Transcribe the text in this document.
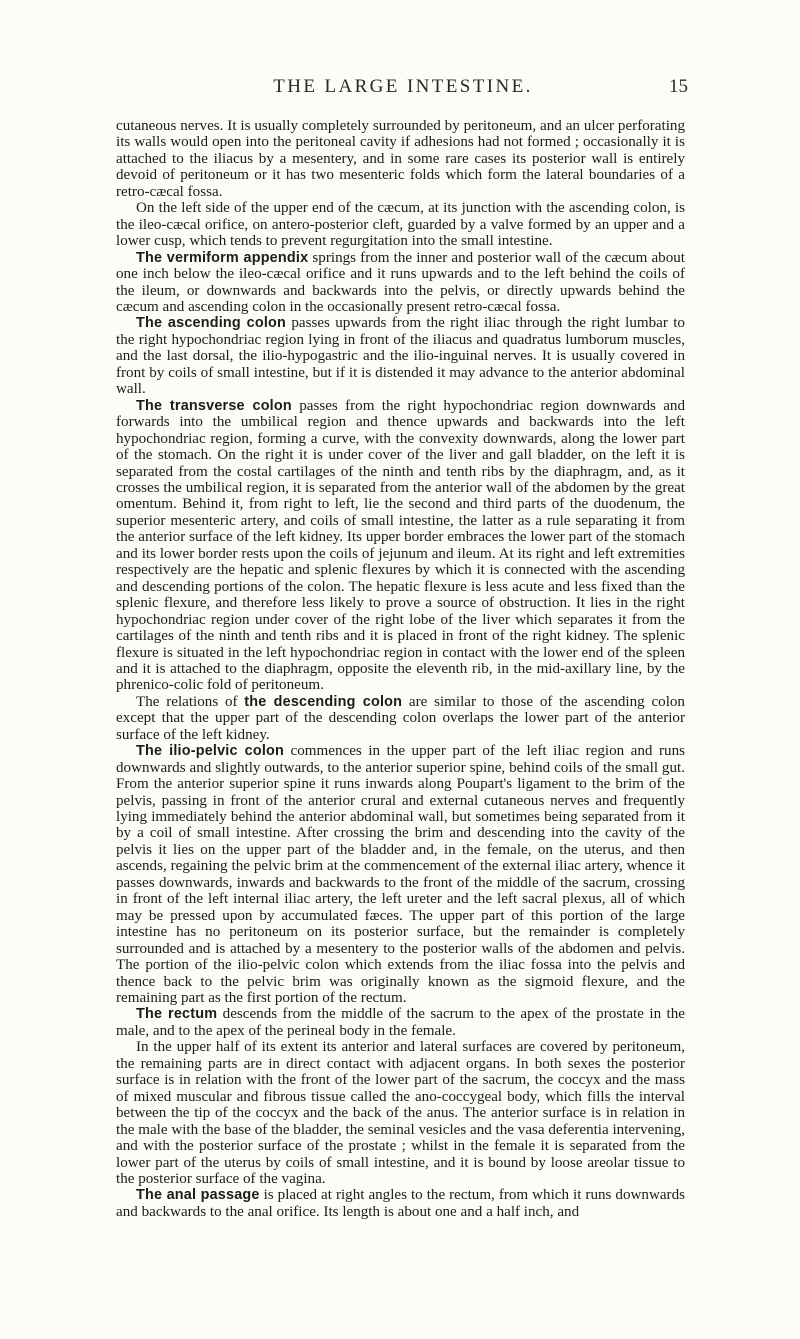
THE LARGE INTESTINE.	15

cutaneous nerves. It is usually completely surrounded by peritoneum, and an ulcer perforating its walls would open into the peritoneal cavity if adhesions had not formed ; occasionally it is attached to the iliacus by a mesentery, and in some rare cases its posterior wall is entirely devoid of peritoneum or it has two mesenteric folds which form the lateral boundaries of a retro-cæcal fossa.

On the left side of the upper end of the cæcum, at its junction with the ascending colon, is the ileo-cæcal orifice, on antero-posterior cleft, guarded by a valve formed by an upper and a lower cusp, which tends to prevent regurgitation into the small intestine.

The vermiform appendix springs from the inner and posterior wall of the cæcum about one inch below the ileo-cæcal orifice and it runs upwards and to the left behind the coils of the ileum, or downwards and backwards into the pelvis, or directly upwards behind the cæcum and ascending colon in the occasionally present retro-cæcal fossa.

The ascending colon passes upwards from the right iliac through the right lumbar to the right hypochondriac region lying in front of the iliacus and quadratus lumborum muscles, and the last dorsal, the ilio-hypogastric and the ilio-inguinal nerves. It is usually covered in front by coils of small intestine, but if it is distended it may advance to the anterior abdominal wall.

The transverse colon passes from the right hypochondriac region downwards and forwards into the umbilical region and thence upwards and backwards into the left hypochondriac region, forming a curve, with the convexity downwards, along the lower part of the stomach. On the right it is under cover of the liver and gall bladder, on the left it is separated from the costal cartilages of the ninth and tenth ribs by the diaphragm, and, as it crosses the umbilical region, it is separated from the anterior wall of the abdomen by the great omentum. Behind it, from right to left, lie the second and third parts of the duodenum, the superior mesenteric artery, and coils of small intestine, the latter as a rule separating it from the anterior surface of the left kidney. Its upper border embraces the lower part of the stomach and its lower border rests upon the coils of jejunum and ileum. At its right and left extremities respectively are the hepatic and splenic flexures by which it is connected with the ascending and descending portions of the colon. The hepatic flexure is less acute and less fixed than the splenic flexure, and therefore less likely to prove a source of obstruction. It lies in the right hypochondriac region under cover of the right lobe of the liver which separates it from the cartilages of the ninth and tenth ribs and it is placed in front of the right kidney. The splenic flexure is situated in the left hypochondriac region in contact with the lower end of the spleen and it is attached to the diaphragm, opposite the eleventh rib, in the mid-axillary line, by the phrenico-colic fold of peritoneum.

The relations of the descending colon are similar to those of the ascending colon except that the upper part of the descending colon overlaps the lower part of the anterior surface of the left kidney.

The ilio-pelvic colon commences in the upper part of the left iliac region and runs downwards and slightly outwards, to the anterior superior spine, behind coils of the small gut. From the anterior superior spine it runs inwards along Poupart's ligament to the brim of the pelvis, passing in front of the anterior crural and external cutaneous nerves and frequently lying immediately behind the anterior abdominal wall, but sometimes being separated from it by a coil of small intestine. After crossing the brim and descending into the cavity of the pelvis it lies on the upper part of the bladder and, in the female, on the uterus, and then ascends, regaining the pelvic brim at the commencement of the external iliac artery, whence it passes downwards, inwards and backwards to the front of the middle of the sacrum, crossing in front of the left internal iliac artery, the left ureter and the left sacral plexus, all of which may be pressed upon by accumulated fæces. The upper part of this portion of the large intestine has no peritoneum on its posterior surface, but the remainder is completely surrounded and is attached by a mesentery to the posterior walls of the abdomen and pelvis. The portion of the ilio-pelvic colon which extends from the iliac fossa into the pelvis and thence back to the pelvic brim was originally known as the sigmoid flexure, and the remaining part as the first portion of the rectum.

The rectum descends from the middle of the sacrum to the apex of the prostate in the male, and to the apex of the perineal body in the female.

In the upper half of its extent its anterior and lateral surfaces are covered by peritoneum, the remaining parts are in direct contact with adjacent organs. In both sexes the posterior surface is in relation with the front of the lower part of the sacrum, the coccyx and the mass of mixed muscular and fibrous tissue called the ano-coccygeal body, which fills the interval between the tip of the coccyx and the back of the anus. The anterior surface is in relation in the male with the base of the bladder, the seminal vesicles and the vasa deferentia intervening, and with the posterior surface of the prostate ; whilst in the female it is separated from the lower part of the uterus by coils of small intestine, and it is bound by loose areolar tissue to the posterior surface of the vagina.

The anal passage is placed at right angles to the rectum, from which it runs downwards and backwards to the anal orifice. Its length is about one and a half inch, and
